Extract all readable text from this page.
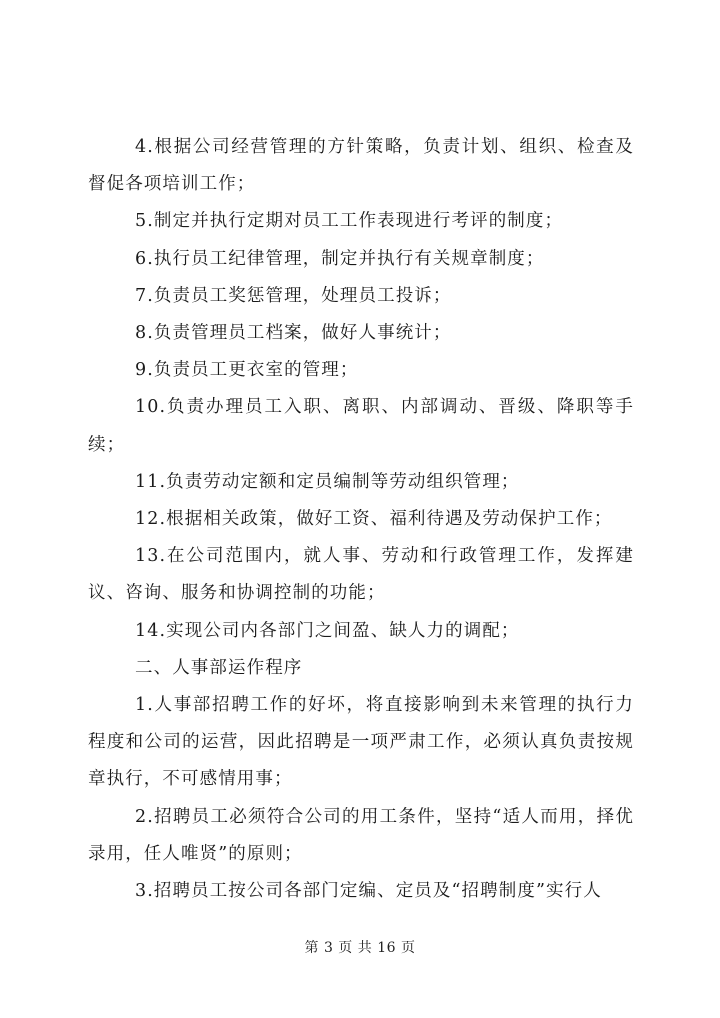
4.根据公司经营管理的方针策略，负责计划、组织、检查及督促各项培训工作；

5.制定并执行定期对员工工作表现进行考评的制度；

6.执行员工纪律管理，制定并执行有关规章制度；

7.负责员工奖惩管理，处理员工投诉；

8.负责管理员工档案，做好人事统计；

9.负责员工更衣室的管理；

10.负责办理员工入职、离职、内部调动、晋级、降职等手续；

11.负责劳动定额和定员编制等劳动组织管理；

12.根据相关政策，做好工资、福利待遇及劳动保护工作；

13.在公司范围内，就人事、劳动和行政管理工作，发挥建议、咨询、服务和协调控制的功能；

14.实现公司内各部门之间盈、缺人力的调配；

二、人事部运作程序

1.人事部招聘工作的好坏，将直接影响到未来管理的执行力程度和公司的运营，因此招聘是一项严肃工作，必须认真负责按规章执行，不可感情用事；

2.招聘员工必须符合公司的用工条件，坚持“适人而用，择优录用，任人唯贤”的原则；

3.招聘员工按公司各部门定编、定员及“招聘制度”实行人

第 3 页 共 16 页
